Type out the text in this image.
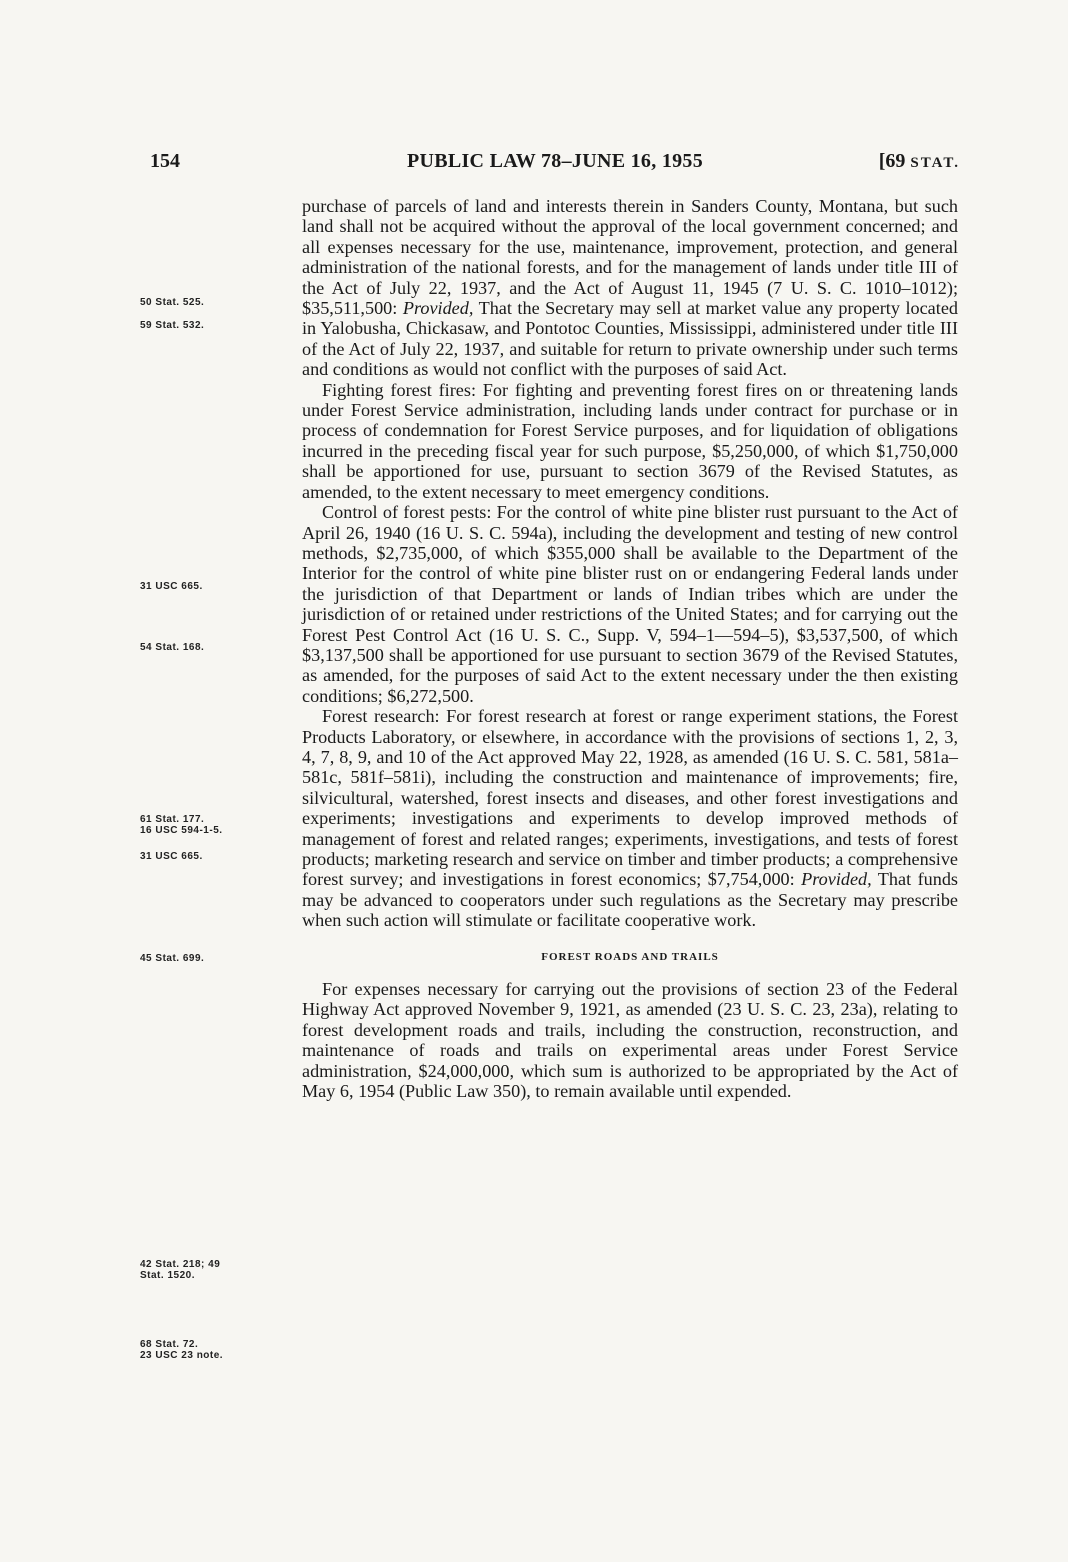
154	PUBLIC LAW 78–JUNE 16, 1955	[69 STAT.

purchase of parcels of land and interests therein in Sanders County, Montana, but such land shall not be acquired without the approval of the local government concerned; and all expenses necessary for the use, maintenance, improvement, protection, and general administration of the national forests, and for the management of lands under title III of the Act of July 22, 1937, and the Act of August 11, 1945 (7 U. S. C. 1010–1012); $35,511,500: Provided, That the Secretary may sell at market value any property located in Yalobusha, Chickasaw, and Pontotoc Counties, Mississippi, administered under title III of the Act of July 22, 1937, and suitable for return to private ownership under such terms and conditions as would not conflict with the purposes of said Act.

Fighting forest fires: For fighting and preventing forest fires on or threatening lands under Forest Service administration, including lands under contract for purchase or in process of condemnation for Forest Service purposes, and for liquidation of obligations incurred in the preceding fiscal year for such purpose, $5,250,000, of which $1,750,000 shall be apportioned for use, pursuant to section 3679 of the Revised Statutes, as amended, to the extent necessary to meet emergency conditions.

Control of forest pests: For the control of white pine blister rust pursuant to the Act of April 26, 1940 (16 U. S. C. 594a), including the development and testing of new control methods, $2,735,000, of which $355,000 shall be available to the Department of the Interior for the control of white pine blister rust on or endangering Federal lands under the jurisdiction of that Department or lands of Indian tribes which are under the jurisdiction of or retained under restrictions of the United States; and for carrying out the Forest Pest Control Act (16 U. S. C., Supp. V, 594–1—594–5), $3,537,500, of which $3,137,500 shall be apportioned for use pursuant to section 3679 of the Revised Statutes, as amended, for the purposes of said Act to the extent necessary under the then existing conditions; $6,272,500.

Forest research: For forest research at forest or range experiment stations, the Forest Products Laboratory, or elsewhere, in accordance with the provisions of sections 1, 2, 3, 4, 7, 8, 9, and 10 of the Act approved May 22, 1928, as amended (16 U. S. C. 581, 581a–581c, 581f–581i), including the construction and maintenance of improvements; fire, silvicultural, watershed, forest insects and diseases, and other forest investigations and experiments; investigations and experiments to develop improved methods of management of forest and related ranges; experiments, investigations, and tests of forest products; marketing research and service on timber and timber products; a comprehensive forest survey; and investigations in forest economics; $7,754,000: Provided, That funds may be advanced to cooperators under such regulations as the Secretary may prescribe when such action will stimulate or facilitate cooperative work.

FOREST ROADS AND TRAILS

For expenses necessary for carrying out the provisions of section 23 of the Federal Highway Act approved November 9, 1921, as amended (23 U. S. C. 23, 23a), relating to forest development roads and trails, including the construction, reconstruction, and maintenance of roads and trails on experimental areas under Forest Service administration, $24,000,000, which sum is authorized to be appropriated by the Act of May 6, 1954 (Public Law 350), to remain available until expended.

50 Stat. 525.
59 Stat. 532.
31 USC 665.
54 Stat. 168.
61 Stat. 177.
16 USC 594-1-5.
31 USC 665.
45 Stat. 699.
42 Stat. 218; 49
Stat. 1520.
68 Stat. 72.
23 USC 23 note.
